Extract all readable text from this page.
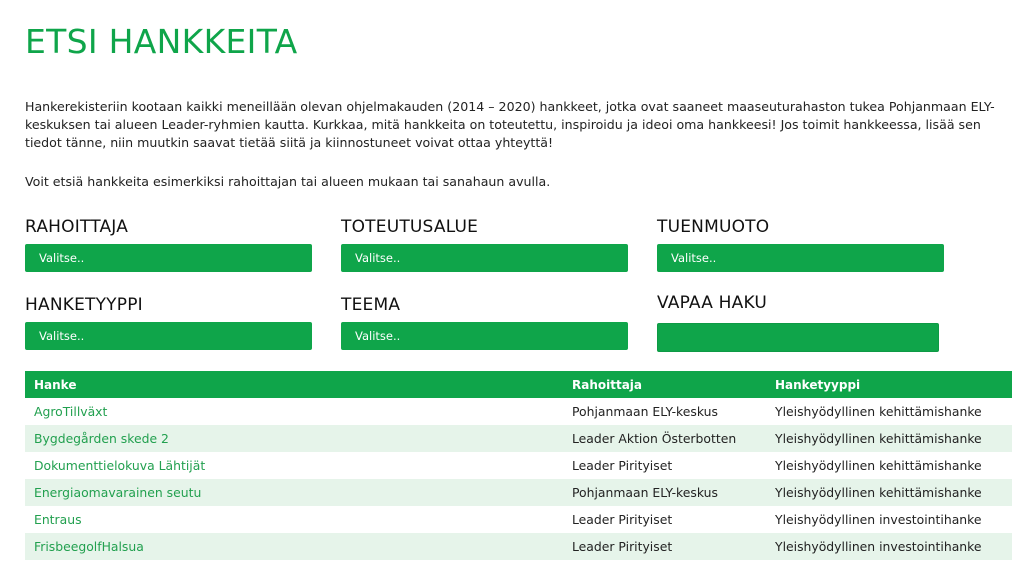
ETSI HANKKEITA

Hankerekisteriin kootaan kaikki meneillään olevan ohjelmakauden (2014 – 2020) hankkeet, jotka ovat saaneet maaseuturahaston tukea Pohjanmaan ELY-keskuksen tai alueen Leader-ryhmien kautta. Kurkkaa, mitä hankkeita on toteutettu, inspiroidu ja ideoi oma hankkeesi! Jos toimit hankkeessa, lisää sen tiedot tänne, niin muutkin saavat tietää siitä ja kiinnostuneet voivat ottaa yhteyttä!

Voit etsiä hankkeita esimerkiksi rahoittajan tai alueen mukaan tai sanahaun avulla.

RAHOITTAJA
Valitse..
TOTEUTUSALUE
Valitse..
TUENMUOTO
Valitse..
HANKETYYPPI
Valitse..
TEEMA
Valitse..
VAPAA HAKU
Hanke	Rahoittaja	Hanketyyppi
AgroTillväxt	Pohjanmaan ELY-keskus	Yleishyödyllinen kehittämishanke
Bygdegården skede 2	Leader Aktion Österbotten	Yleishyödyllinen kehittämishanke
Dokumenttielokuva Lähtijät	Leader Pirityiset	Yleishyödyllinen kehittämishanke
Energiaomavarainen seutu	Pohjanmaan ELY-keskus	Yleishyödyllinen kehittämishanke
Entraus	Leader Pirityiset	Yleishyödyllinen investointihanke
FrisbeegolfHalsua	Leader Pirityiset	Yleishyödyllinen investointihanke
